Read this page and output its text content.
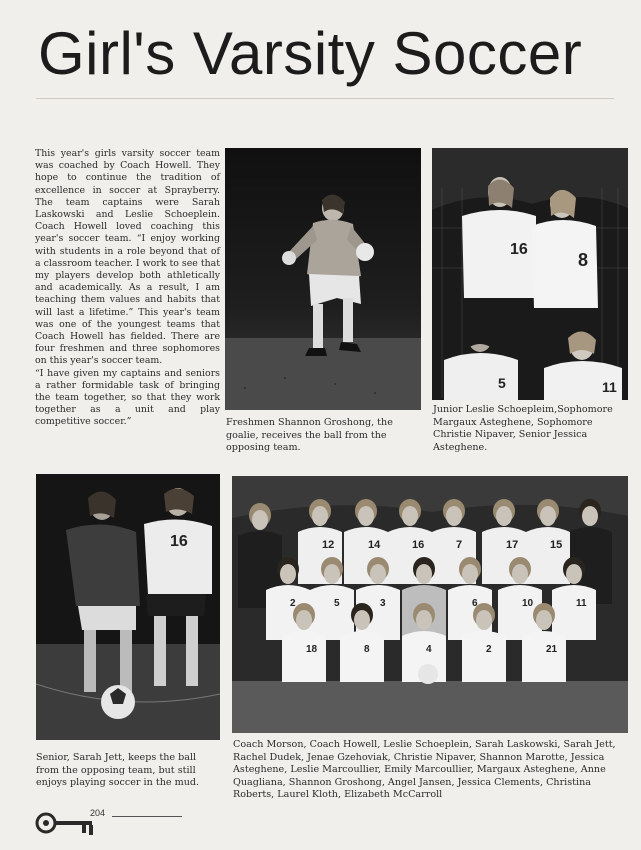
Girl's Varsity Soccer

This year's girls varsity soccer team was coached by Coach Howell. They hope to continue the tradition of excellence in soccer at Sprayberry. The team captains were Sarah Laskowski and Leslie Schoeplein. Coach Howell loved coaching this year's soccer team. “I enjoy working with students in a role beyond that of a classroom teacher. I work to see that my players develop both athletically and academically. As a result, I am teaching them values and habits that will last a lifetime.” This year's team was one of the youngest teams that Coach Howell has fielded. There are four freshmen and three sophomores on this year's soccer team.

“I have given my captains and seniors a rather formidable task of bringing the team together, so that they work together as a unit and play competitive soccer.”	Freshmen Shannon Groshong, the goalie, receives the ball from the opposing team.
16
8
5	11
Junior Leslie Schoepleim,Sophomore Margaux Asteghene, Sophomore Christie Nipaver, Senior Jessica Asteghene.
16
Senior, Sarah Jett, keeps the ball from the opposing team, but still enjoys playing soccer in the mud.
12	14	16	7	17	15
2	5	3	6	10	11
18	8	4	2	21
Coach Morson, Coach Howell, Leslie Schoeplein, Sarah Laskowski, Sarah Jett, Rachel Dudek, Jenae Gzehoviak, Christie Nipaver, Shannon Marotte, Jessica Asteghene, Leslie Marcoullier, Emily Marcoullier, Margaux Asteghene, Anne Quagliana, Shannon Groshong, Angel Jansen, Jessica Clements, Christina Roberts, Laurel Kloth, Elizabeth McCarroll
204
